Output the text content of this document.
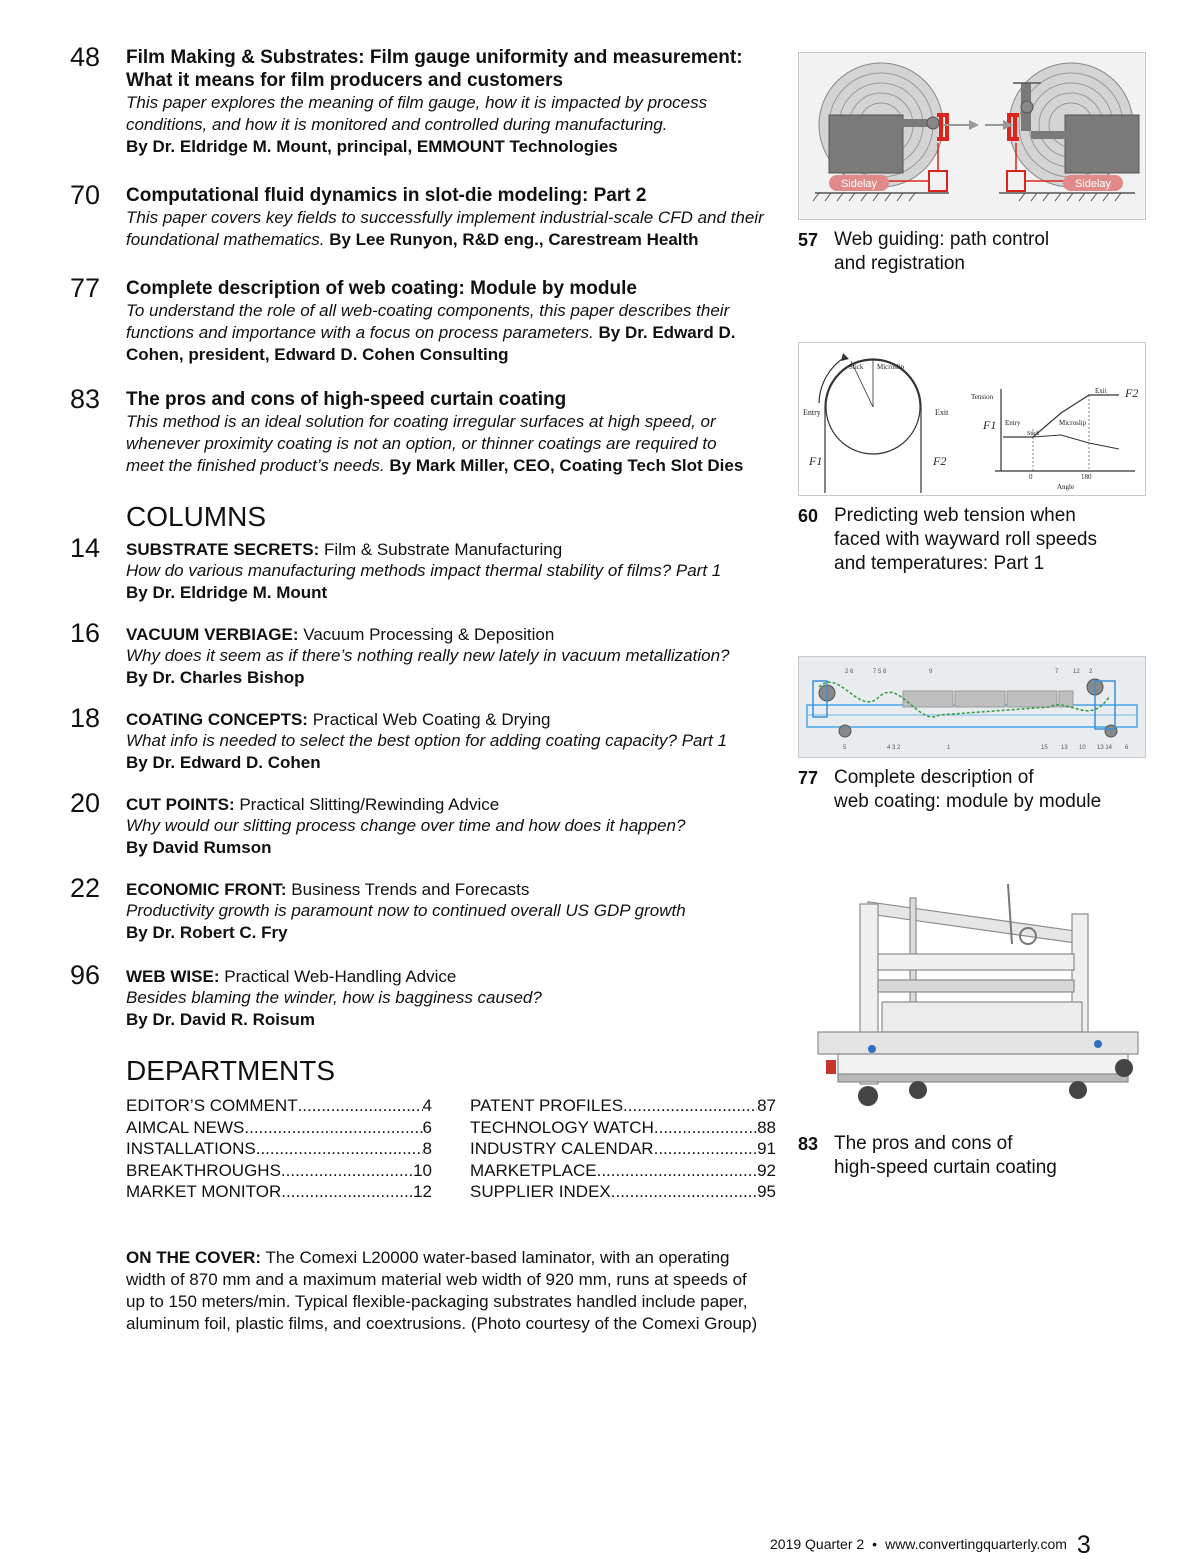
48 Film Making & Substrates: Film gauge uniformity and measurement: What it means for film producers and customers
This paper explores the meaning of film gauge, how it is impacted by process conditions, and how it is monitored and controlled during manufacturing.
By Dr. Eldridge M. Mount, principal, EMMOUNT Technologies
70 Computational fluid dynamics in slot-die modeling: Part 2
This paper covers key fields to successfully implement industrial-scale CFD and their foundational mathematics. By Lee Runyon, R&D eng., Carestream Health
77 Complete description of web coating: Module by module
To understand the role of all web-coating components, this paper describes their functions and importance with a focus on process parameters. By Dr. Edward D. Cohen, president, Edward D. Cohen Consulting
83 The pros and cons of high-speed curtain coating
This method is an ideal solution for coating irregular surfaces at high speed, or whenever proximity coating is not an option, or thinner coatings are required to meet the finished product’s needs. By Mark Miller, CEO, Coating Tech Slot Dies
COLUMNS
14 SUBSTRATE SECRETS: Film & Substrate Manufacturing
How do various manufacturing methods impact thermal stability of films? Part 1
By Dr. Eldridge M. Mount
16 VACUUM VERBIAGE: Vacuum Processing & Deposition
Why does it seem as if there’s nothing really new lately in vacuum metallization?
By Dr. Charles Bishop
18 COATING CONCEPTS: Practical Web Coating & Drying
What info is needed to select the best option for adding coating capacity? Part 1
By Dr. Edward D. Cohen
20 CUT POINTS: Practical Slitting/Rewinding Advice
Why would our slitting process change over time and how does it happen?
By David Rumson
22 ECONOMIC FRONT: Business Trends and Forecasts
Productivity growth is paramount now to continued overall US GDP growth
By Dr. Robert C. Fry
96 WEB WISE: Practical Web-Handling Advice
Besides blaming the winder, how is bagginess caused?
By Dr. David R. Roisum
DEPARTMENTS
EDITOR’S COMMENT .....	4
AIMCAL NEWS .....	6
INSTALLATIONS .....	8
BREAKTHROUGHS .....	10
MARKET MONITOR .....	12
PATENT PROFILES .....	87
TECHNOLOGY WATCH .....	88
INDUSTRY CALENDAR .....	91
MARKETPLACE .....	92
SUPPLIER INDEX .....	95
ON THE COVER: The Comexi L20000 water-based laminator, with an operating width of 870 mm and a maximum material web width of 920 mm, runs at speeds of up to 150 meters/min. Typical flexible-packaging substrates handled include paper, aluminum foil, plastic films, and coextrusions. (Photo courtesy of the Comexi Group)
Sidelay	Sidelay
57 Web guiding: path control
and registration
Stick Microslip
Entry	Exit
F1	F2
Tension
Exit
Entry	Microslip
Stick
0	180
Angle
F1
F2
60 Predicting web tension when
faced with wayward roll speeds
and temperatures: Part 1
2 6	7 5 8	9	7 12 2
5	4 3 2	1	15 13 10 13 14 6
77 Complete description of
web coating: module by module
83 The pros and cons of
high-speed curtain coating
2019 Quarter 2 • www.convertingquarterly.com 3
